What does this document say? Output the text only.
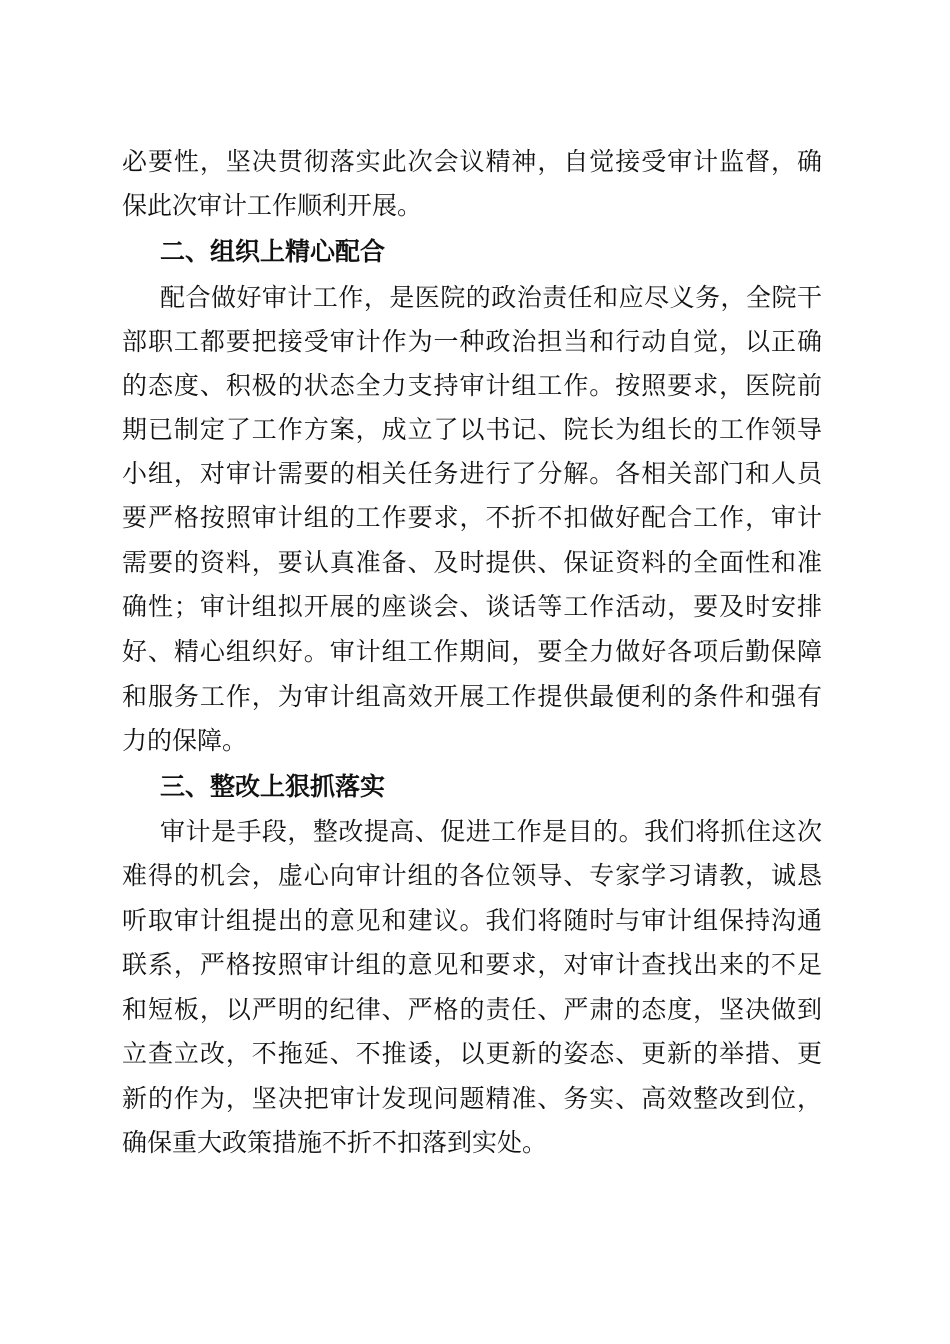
必要性，坚决贯彻落实此次会议精神，自觉接受审计监督，确
保此次审计工作顺利开展。
二、组织上精心配合
配合做好审计工作，是医院的政治责任和应尽义务，全院干
部职工都要把接受审计作为一种政治担当和行动自觉，以正确
的态度、积极的状态全力支持审计组工作。按照要求，医院前
期已制定了工作方案，成立了以书记、院长为组长的工作领导
小组，对审计需要的相关任务进行了分解。各相关部门和人员
要严格按照审计组的工作要求，不折不扣做好配合工作，审计
需要的资料，要认真准备、及时提供、保证资料的全面性和准
确性；审计组拟开展的座谈会、谈话等工作活动，要及时安排
好、精心组织好。审计组工作期间，要全力做好各项后勤保障
和服务工作，为审计组高效开展工作提供最便利的条件和强有
力的保障。
三、整改上狠抓落实
审计是手段，整改提高、促进工作是目的。我们将抓住这次
难得的机会，虚心向审计组的各位领导、专家学习请教，诚恳
听取审计组提出的意见和建议。我们将随时与审计组保持沟通
联系，严格按照审计组的意见和要求，对审计查找出来的不足
和短板，以严明的纪律、严格的责任、严肃的态度，坚决做到
立查立改，不拖延、不推诿，以更新的姿态、更新的举措、更
新的作为，坚决把审计发现问题精准、务实、高效整改到位，
确保重大政策措施不折不扣落到实处。
